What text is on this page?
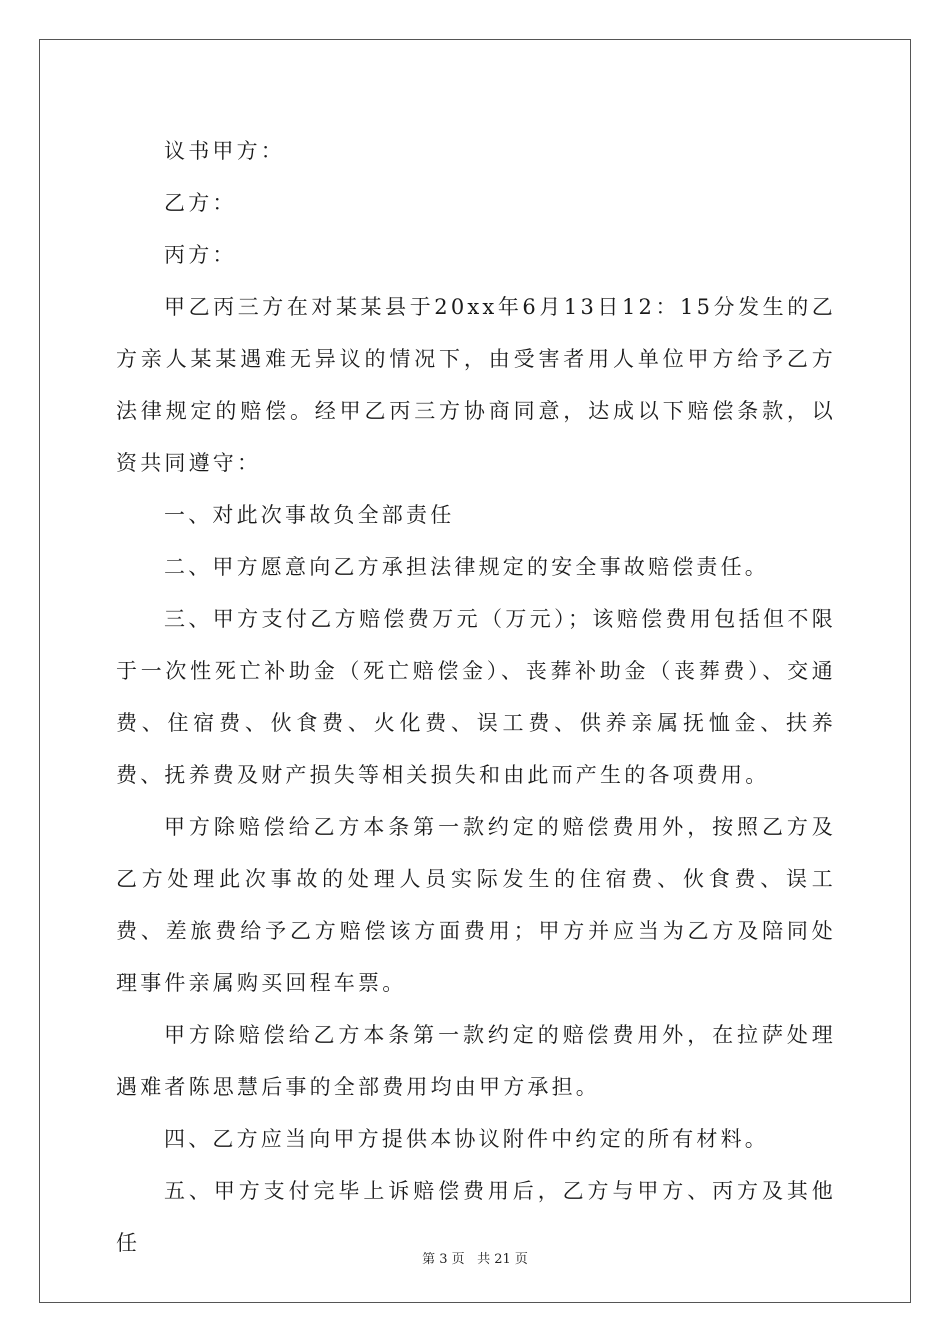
议书甲方：

乙方：

丙方：

甲乙丙三方在对某某县于20xx年6月13日12：15分发生的乙方亲人某某遇难无异议的情况下，由受害者用人单位甲方给予乙方法律规定的赔偿。经甲乙丙三方协商同意，达成以下赔偿条款，以资共同遵守：

一、对此次事故负全部责任

二、甲方愿意向乙方承担法律规定的安全事故赔偿责任。

三、甲方支付乙方赔偿费万元（万元）；该赔偿费用包括但不限于一次性死亡补助金（死亡赔偿金）、丧葬补助金（丧葬费）、交通费、住宿费、伙食费、火化费、误工费、供养亲属抚恤金、扶养费、抚养费及财产损失等相关损失和由此而产生的各项费用。

甲方除赔偿给乙方本条第一款约定的赔偿费用外，按照乙方及乙方处理此次事故的处理人员实际发生的住宿费、伙食费、误工费、差旅费给予乙方赔偿该方面费用；甲方并应当为乙方及陪同处理事件亲属购买回程车票。

甲方除赔偿给乙方本条第一款约定的赔偿费用外，在拉萨处理遇难者陈思慧后事的全部费用均由甲方承担。

四、乙方应当向甲方提供本协议附件中约定的所有材料。

五、甲方支付完毕上诉赔偿费用后，乙方与甲方、丙方及其他任

第 3 页 共 21 页
